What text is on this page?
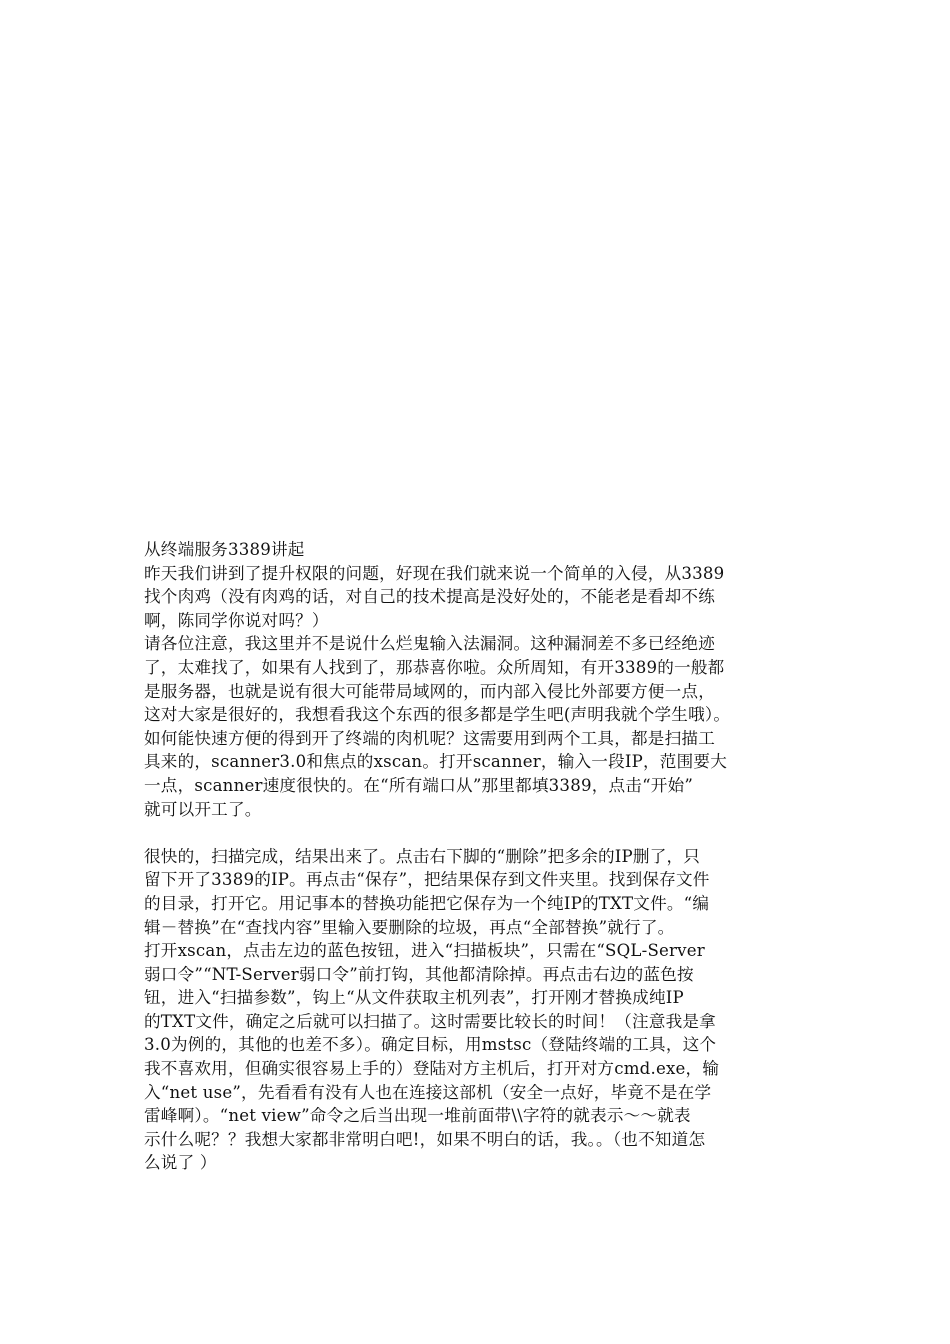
从终端服务3389讲起
昨天我们讲到了提升权限的问题，好现在我们就来说一个简单的入侵，从3389
找个肉鸡（没有肉鸡的话，对自己的技术提高是没好处的，不能老是看却不练
啊，陈同学你说对吗？）
请各位注意，我这里并不是说什么烂鬼输入法漏洞。这种漏洞差不多已经绝迹
了，太难找了，如果有人找到了，那恭喜你啦。众所周知，有开3389的一般都
是服务器，也就是说有很大可能带局域网的，而内部入侵比外部要方便一点，
这对大家是很好的，我想看我这个东西的很多都是学生吧(声明我就个学生哦）。
如何能快速方便的得到开了终端的肉机呢？这需要用到两个工具，都是扫描工
具来的，scanner3.0和焦点的xscan。打开scanner，输入一段IP，范围要大
一点，scanner速度很快的。在“所有端口从”那里都填3389，点击“开始”
就可以开工了。
很快的，扫描完成，结果出来了。点击右下脚的“删除”把多余的IP删了，只
留下开了3389的IP。再点击“保存”，把结果保存到文件夹里。找到保存文件
的目录，打开它。用记事本的替换功能把它保存为一个纯IP的TXT文件。“编
辑－替换”在“查找内容”里输入要删除的垃圾，再点“全部替换”就行了。
打开xscan，点击左边的蓝色按钮，进入“扫描板块”，只需在“SQL-Server
弱口令”“NT-Server弱口令”前打钩，其他都清除掉。再点击右边的蓝色按
钮，进入“扫描参数”，钩上“从文件获取主机列表”，打开刚才替换成纯IP
的TXT文件，确定之后就可以扫描了。这时需要比较长的时间！（注意我是拿
3.0为例的，其他的也差不多）。确定目标，用mstsc（登陆终端的工具，这个
我不喜欢用，但确实很容易上手的）登陆对方主机后，打开对方cmd.exe，输
入“net use”，先看看有没有人也在连接这部机（安全一点好，毕竟不是在学
雷峰啊）。“net view”命令之后当出现一堆前面带\\字符的就表示～～就表
示什么呢？？我想大家都非常明白吧!，如果不明白的话，我。。（也不知道怎
么说了 ）
